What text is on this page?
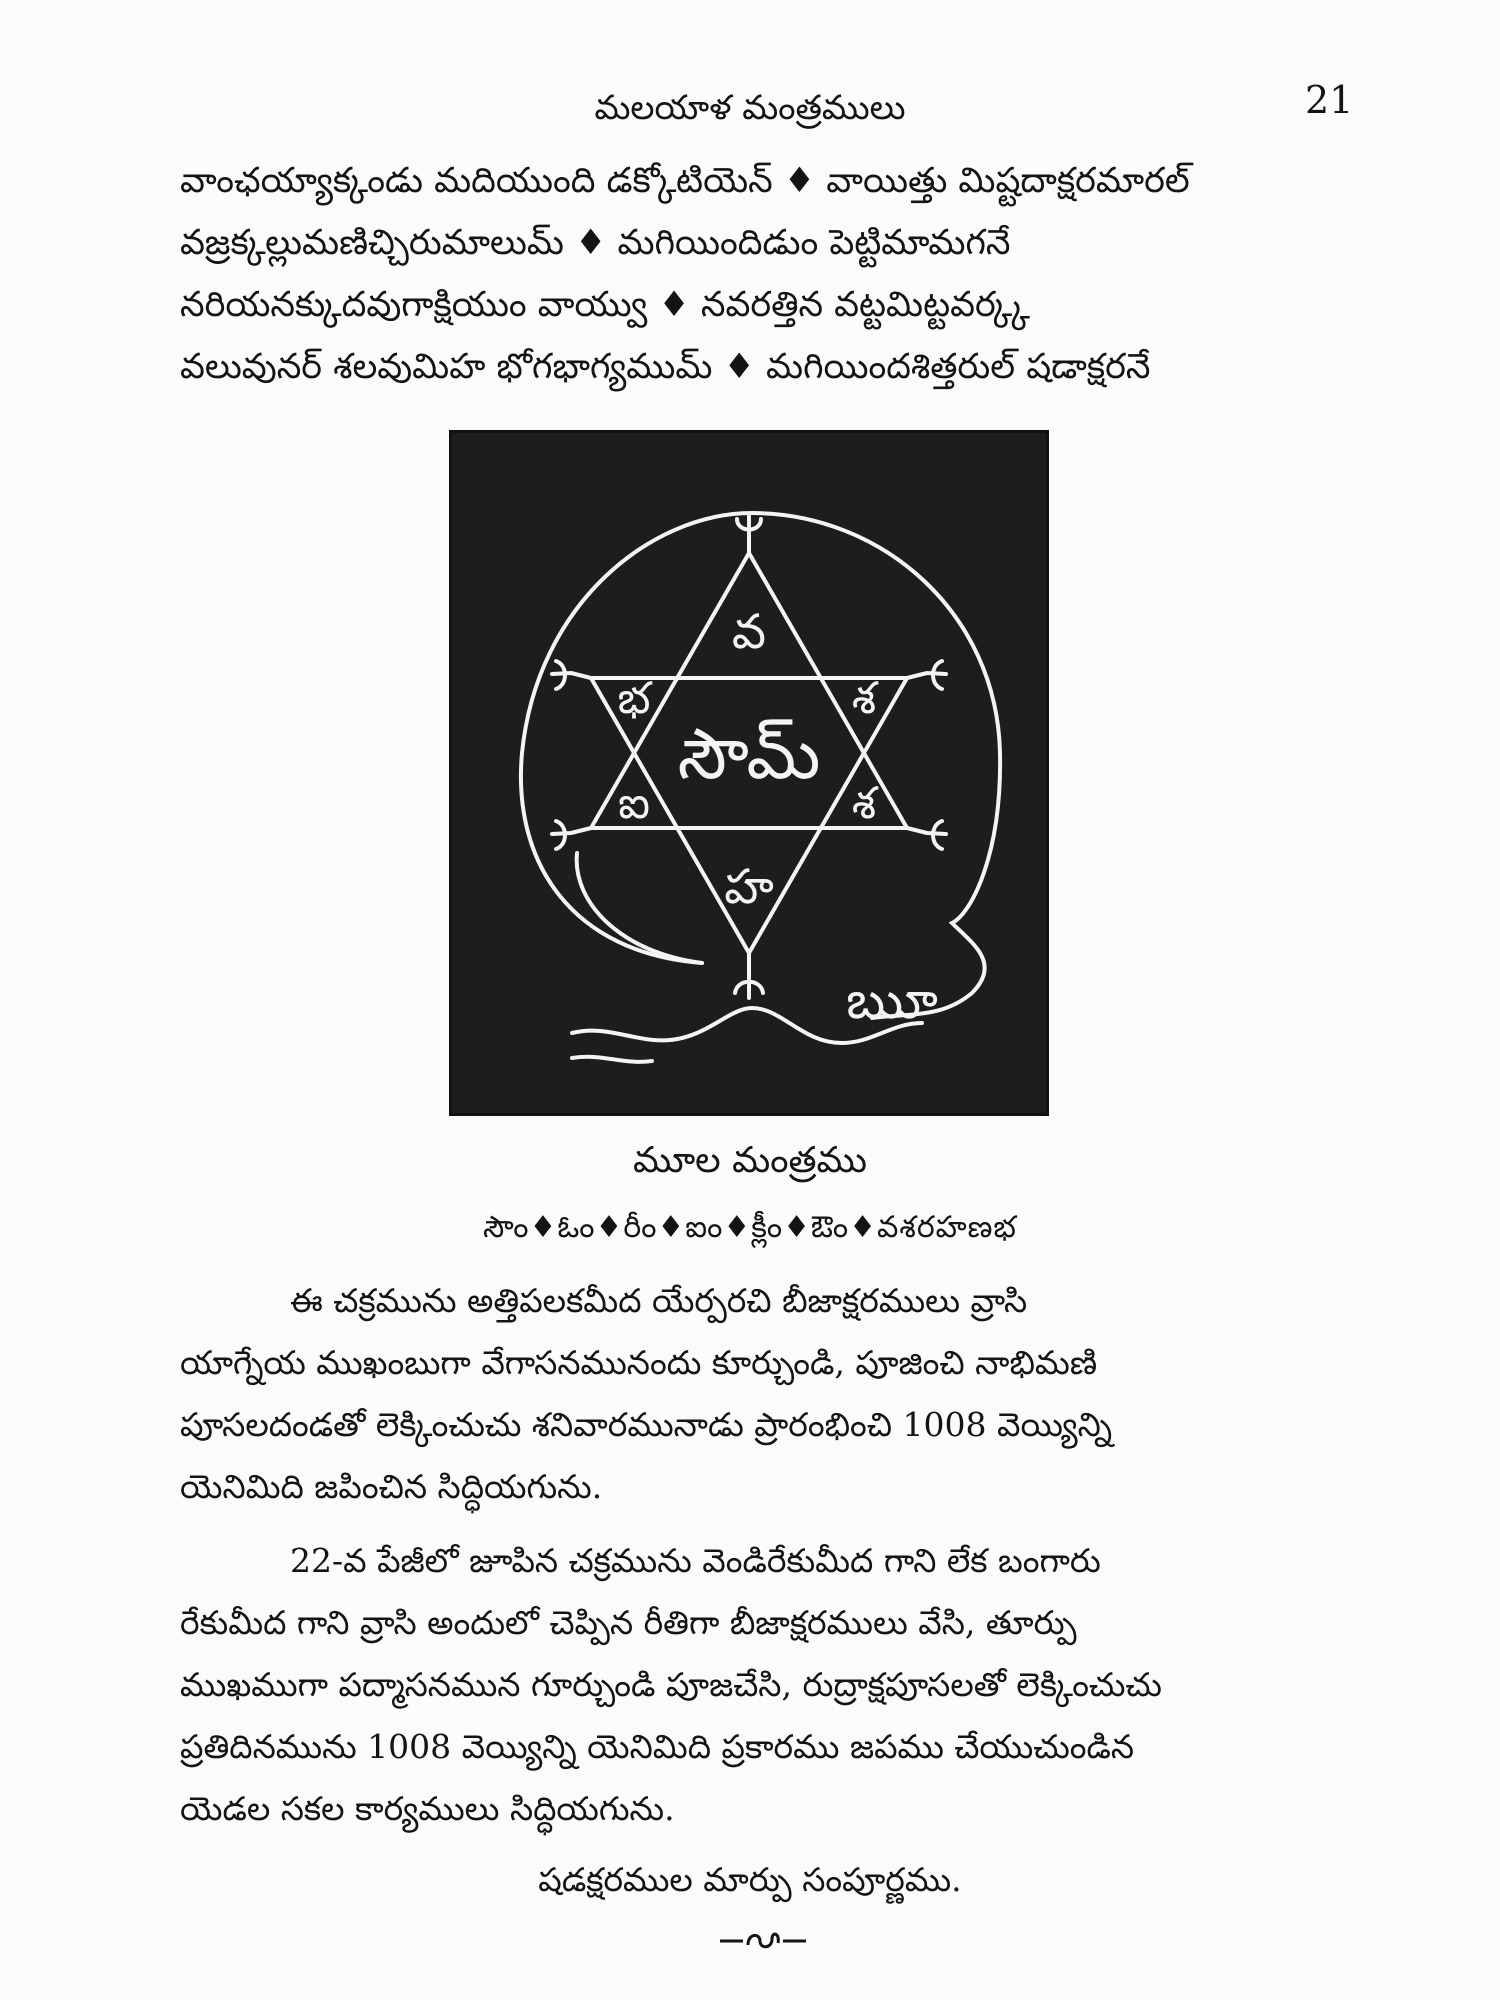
మలయాళ మంత్రములు	21
వాంఛయ్యాక్కండు మదియుంది డక్కోటియెన్ ♦ వాయిత్తు మిష్టదాక్షరమారల్
వజ్రక్కల్లుమణిచ్చిరుమాలుమ్ ♦ మగియిందిడుం పెట్టిమామగనే
నరియనక్కుదవుగాక్షియుం వాయ్వు ♦ నవరత్తిన వట్టమిట్టవర్క్క
వలువునర్ శలవుమిహ భోగభాగ్యముమ్ ♦ మగియిందశిత్తరుల్ షడాక్షరనే
సౌమ్
వ
శ
శ
హ
ఐ
భ
ౠ
మూల మంత్రము
సౌం♦ఓం♦రీం♦ఐం♦క్లీం♦ఔం♦వశరహణభ
ఈ చక్రమును అత్తిపలకమీద యేర్పరచి బీజాక్షరములు వ్రాసి
యాగ్నేయ ముఖంబుగా వేగాసనమునందు కూర్చుండి, పూజించి నాభిమణి
పూసలదండతో లెక్కించుచు శనివారమునాడు ప్రారంభించి 1008 వెయ్యిన్ని
యెనిమిది జపించిన సిద్ధియగును.
22-వ పేజీలో జూపిన చక్రమును వెండిరేకుమీద గాని లేక బంగారు
రేకుమీద గాని వ్రాసి అందులో చెప్పిన రీతిగా బీజాక్షరములు వేసి, తూర్పు
ముఖముగా పద్మాసనమున గూర్చుండి పూజచేసి, రుద్రాక్షపూసలతో లెక్కించుచు
ప్రతిదినమును 1008 వెయ్యిన్ని యెనిమిది ప్రకారము జపము చేయుచుండిన
యెడల సకల కార్యములు సిద్ధియగును.
షడక్షరముల మార్పు సంపూర్ణము.
